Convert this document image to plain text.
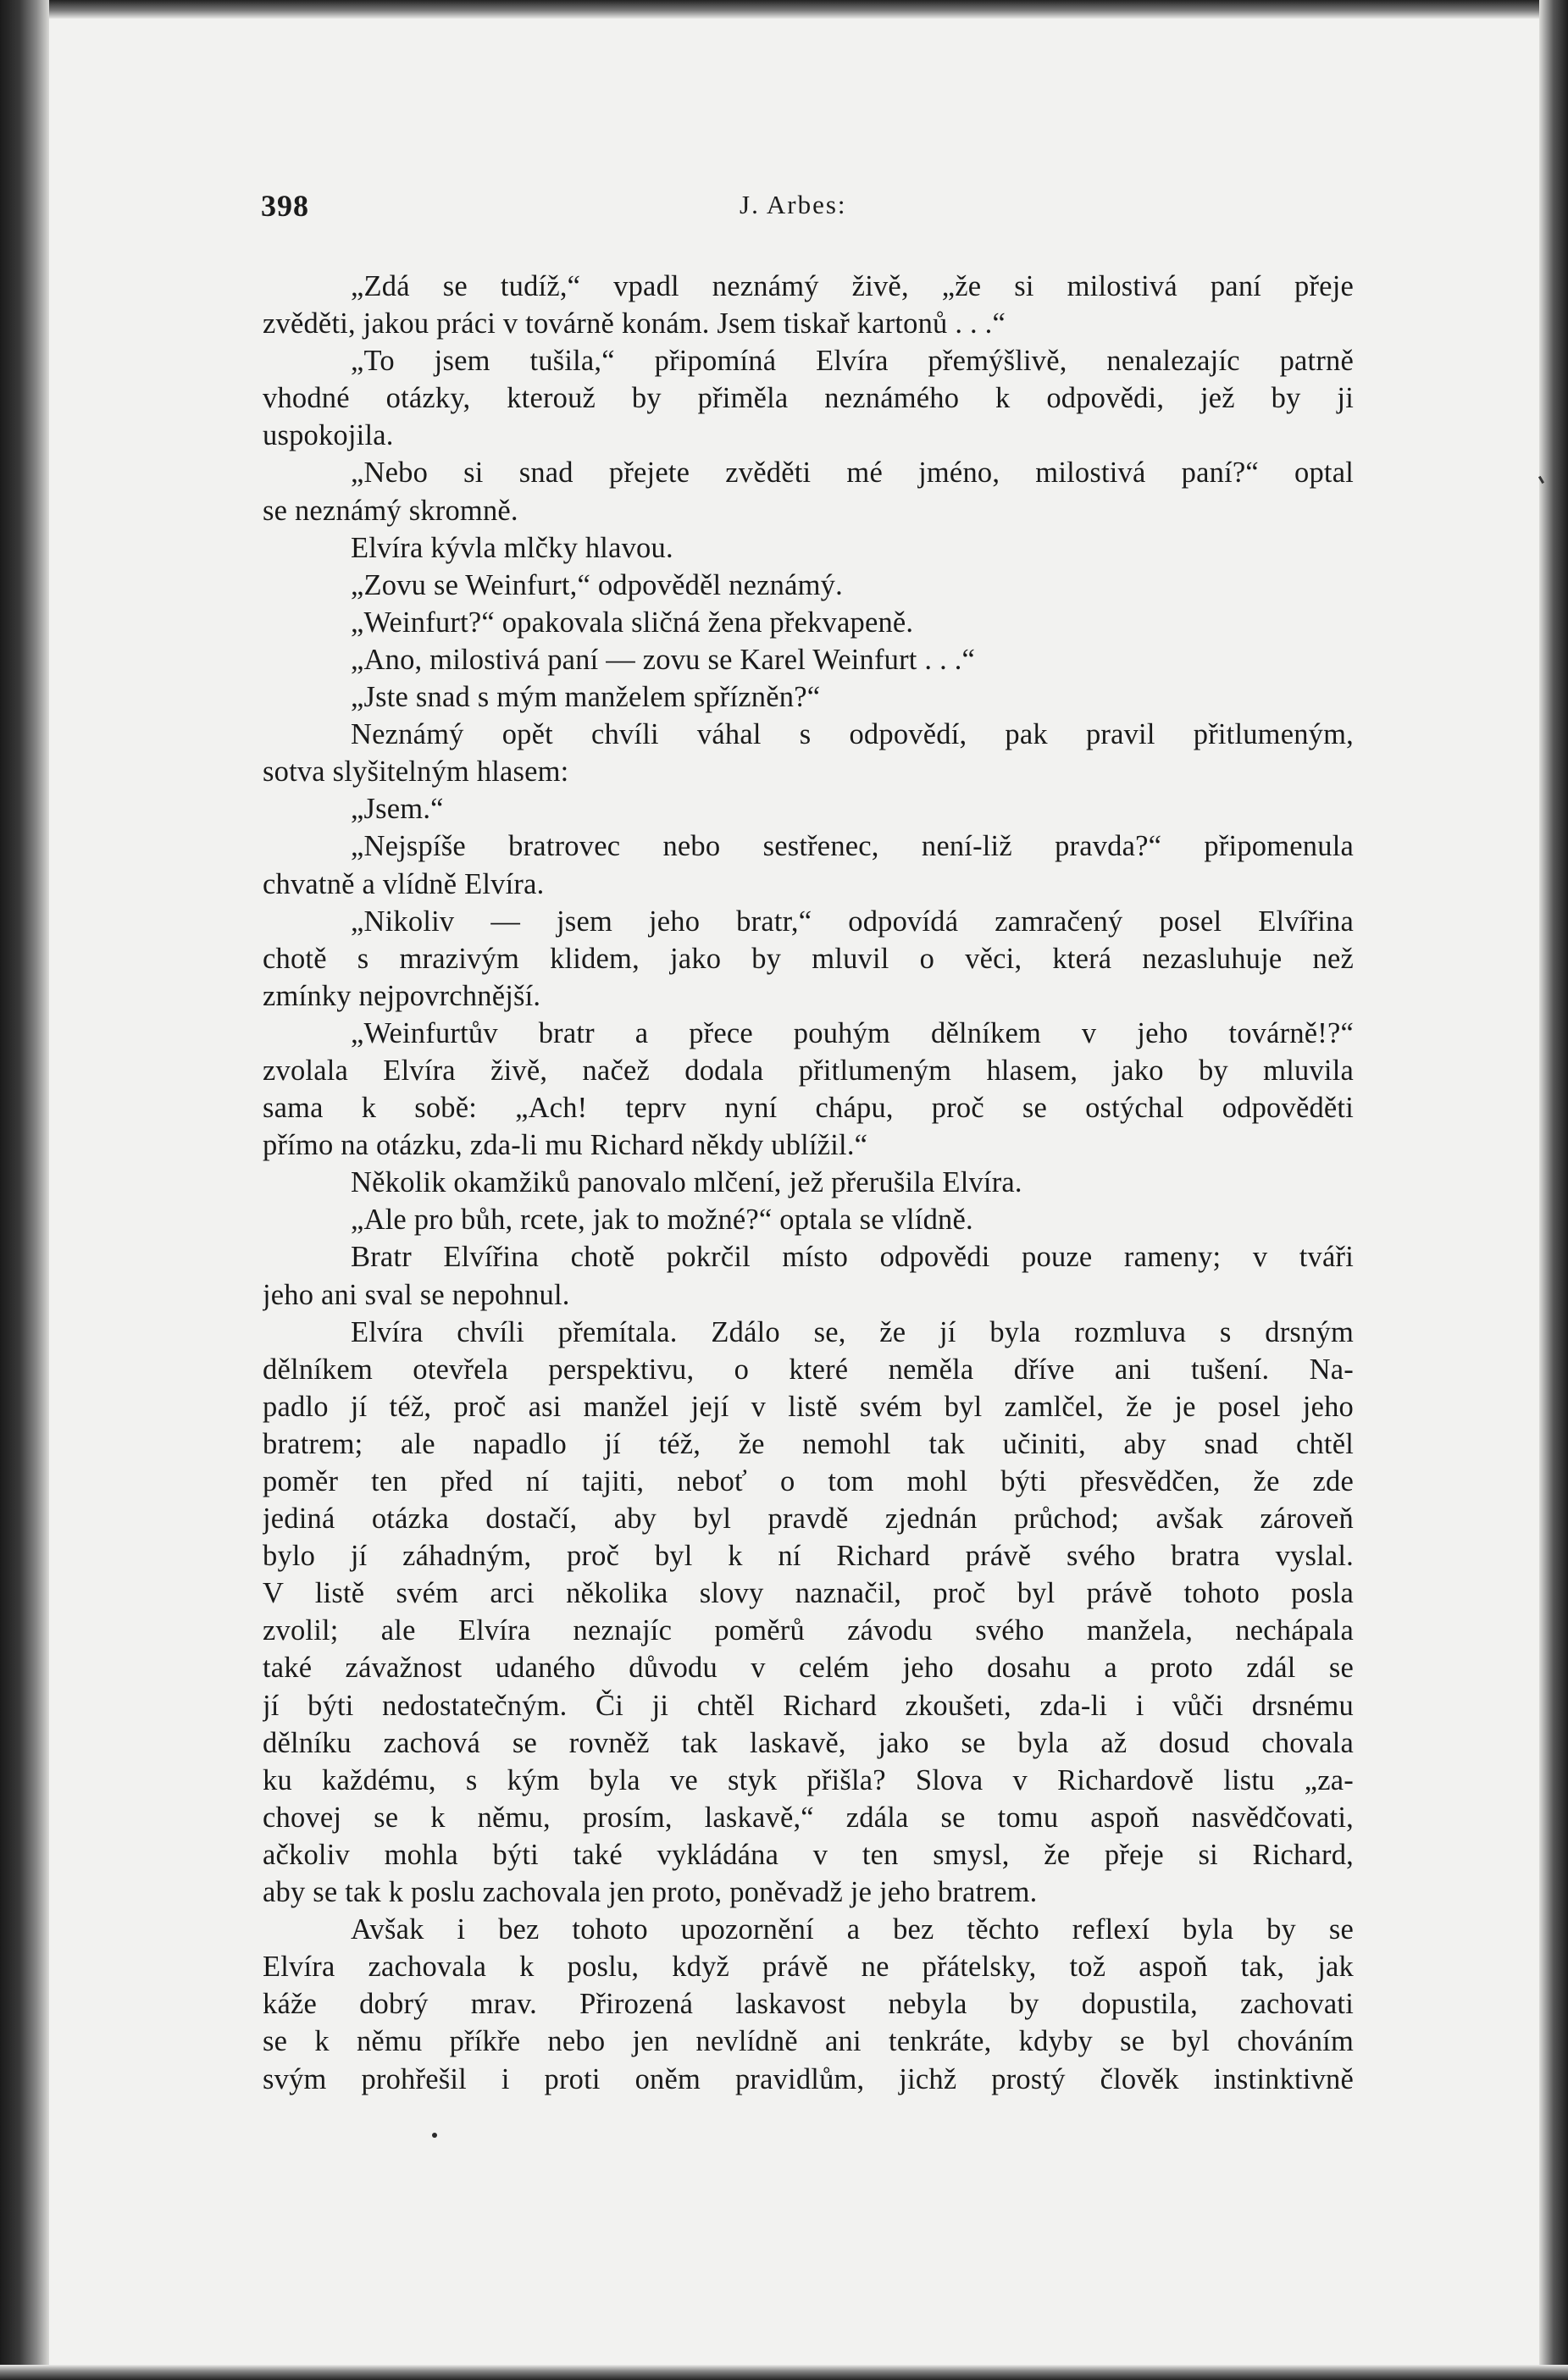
398	J. Arbes:
„Zdá se tudíž,“ vpadl neznámý živě, „že si milostivá paní přeje
zvěděti, jakou práci v továrně konám. Jsem tiskař kartonů . . .“
„To jsem tušila,“ připomíná Elvíra přemýšlivě, nenalezajíc patrně
vhodné otázky, kterouž by přiměla neznámého k odpovědi, jež by ji
uspokojila.
„Nebo si snad přejete zvěděti mé jméno, milostivá paní?“ optal
se neznámý skromně.
Elvíra kývla mlčky hlavou.
„Zovu se Weinfurt,“ odpověděl neznámý.
„Weinfurt?“ opakovala sličná žena překvapeně.
„Ano, milostivá paní — zovu se Karel Weinfurt . . .“
„Jste snad s mým manželem spřízněn?“
Neznámý opět chvíli váhal s odpovědí, pak pravil přitlumeným,
sotva slyšitelným hlasem:
„Jsem.“
„Nejspíše bratrovec nebo sestřenec, není-liž pravda?“ připomenula
chvatně a vlídně Elvíra.
„Nikoliv — jsem jeho bratr,“ odpovídá zamračený posel Elvířina
chotě s mrazivým klidem, jako by mluvil o věci, která nezasluhuje než
zmínky nejpovrchnější.
„Weinfurtův bratr a přece pouhým dělníkem v jeho továrně!?“
zvolala Elvíra živě, načež dodala přitlumeným hlasem, jako by mluvila
sama k sobě: „Ach! teprv nyní chápu, proč se ostýchal odpověděti
přímo na otázku, zda-li mu Richard někdy ublížil.“
Několik okamžiků panovalo mlčení, jež přerušila Elvíra.
„Ale pro bůh, rcete, jak to možné?“ optala se vlídně.
Bratr Elvířina chotě pokrčil místo odpovědi pouze rameny; v tváři
jeho ani sval se nepohnul.
Elvíra chvíli přemítala. Zdálo se, že jí byla rozmluva s drsným
dělníkem otevřela perspektivu, o které neměla dříve ani tušení. Na-
padlo jí též, proč asi manžel její v listě svém byl zamlčel, že je posel jeho
bratrem; ale napadlo jí též, že nemohl tak učiniti, aby snad chtěl
poměr ten před ní tajiti, neboť o tom mohl býti přesvědčen, že zde
jediná otázka dostačí, aby byl pravdě zjednán průchod; avšak zároveň
bylo jí záhadným, proč byl k ní Richard právě svého bratra vyslal.
V listě svém arci několika slovy naznačil, proč byl právě tohoto posla
zvolil; ale Elvíra neznajíc poměrů závodu svého manžela, nechápala
také závažnost udaného důvodu v celém jeho dosahu a proto zdál se
jí býti nedostatečným. Či ji chtěl Richard zkoušeti, zda-li i vůči drsnému
dělníku zachová se rovněž tak laskavě, jako se byla až dosud chovala
ku každému, s kým byla ve styk přišla? Slova v Richardově listu „za-
chovej se k němu, prosím, laskavě,“ zdála se tomu aspoň nasvědčovati,
ačkoliv mohla býti také vykládána v ten smysl, že přeje si Richard,
aby se tak k poslu zachovala jen proto, poněvadž je jeho bratrem.
Avšak i bez tohoto upozornění a bez těchto reflexí byla by se
Elvíra zachovala k poslu, když právě ne přátelsky, tož aspoň tak, jak
káže dobrý mrav. Přirozená laskavost nebyla by dopustila, zachovati
se k němu příkře nebo jen nevlídně ani tenkráte, kdyby se byl chováním
svým prohřešil i proti oněm pravidlům, jichž prostý člověk instinktivně
